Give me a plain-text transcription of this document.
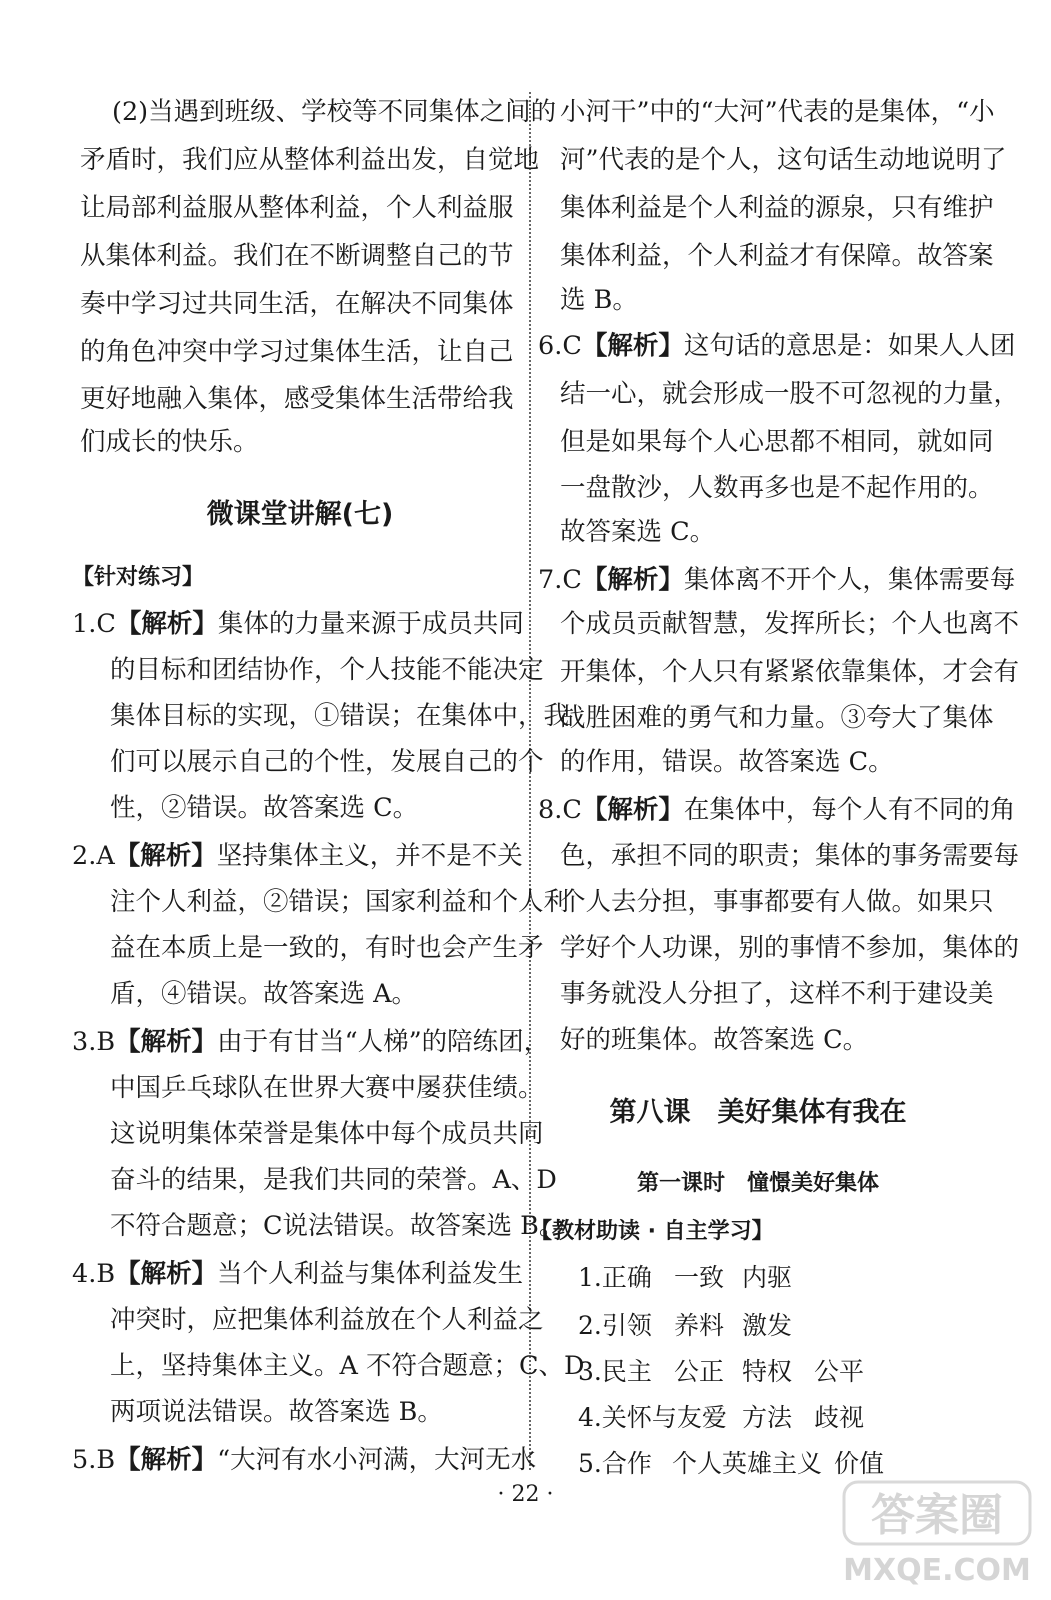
(2)当遇到班级、学校等不同集体之间的
矛盾时，我们应从整体利益出发，自觉地
让局部利益服从整体利益，个人利益服
从集体利益。我们在不断调整自己的节
奏中学习过共同生活，在解决不同集体
的角色冲突中学习过集体生活，让自己
更好地融入集体，感受集体生活带给我
们成长的快乐。
微课堂讲解(七)
【针对练习】
1.C【解析】集体的力量来源于成员共同
的目标和团结协作，个人技能不能决定
集体目标的实现，①错误；在集体中，我
们可以展示自己的个性，发展自己的个
性，②错误。故答案选 C。
2.A【解析】坚持集体主义，并不是不关
注个人利益，②错误；国家利益和个人利
益在本质上是一致的，有时也会产生矛
盾，④错误。故答案选 A。
3.B【解析】由于有甘当“人梯”的陪练团，
中国乒乓球队在世界大赛中屡获佳绩。
这说明集体荣誉是集体中每个成员共同
奋斗的结果，是我们共同的荣誉。A、D
不符合题意；C说法错误。故答案选 B。
4.B【解析】当个人利益与集体利益发生
冲突时，应把集体利益放在个人利益之
上，坚持集体主义。A 不符合题意；C、D
两项说法错误。故答案选 B。
5.B【解析】“大河有水小河满，大河无水
小河干”中的“大河”代表的是集体，“小
河”代表的是个人，这句话生动地说明了
集体利益是个人利益的源泉，只有维护
集体利益，个人利益才有保障。故答案
选 B。
6.C【解析】这句话的意思是：如果人人团
结一心，就会形成一股不可忽视的力量，
但是如果每个人心思都不相同，就如同
一盘散沙，人数再多也是不起作用的。
故答案选 C。
7.C【解析】集体离不开个人，集体需要每
个成员贡献智慧，发挥所长；个人也离不
开集体，个人只有紧紧依靠集体，才会有
战胜困难的勇气和力量。③夸大了集体
的作用，错误。故答案选 C。
8.C【解析】在集体中，每个人有不同的角
色，承担不同的职责；集体的事务需要每
个人去分担，事事都要有人做。如果只
学好个人功课，别的事情不参加，集体的
事务就没人分担了，这样不利于建设美
好的班集体。故答案选 C。
第八课　美好集体有我在
第一课时　憧憬美好集体
【教材助读 · 自主学习】
1.正确 一致 内驱
2.引领 养料 激发
3.民主 公正 特权 公平
4.关怀与友爱 方法 歧视
5.合作 个人英雄主义 价值
· 22 ·	答案圈
MXQE.COM
